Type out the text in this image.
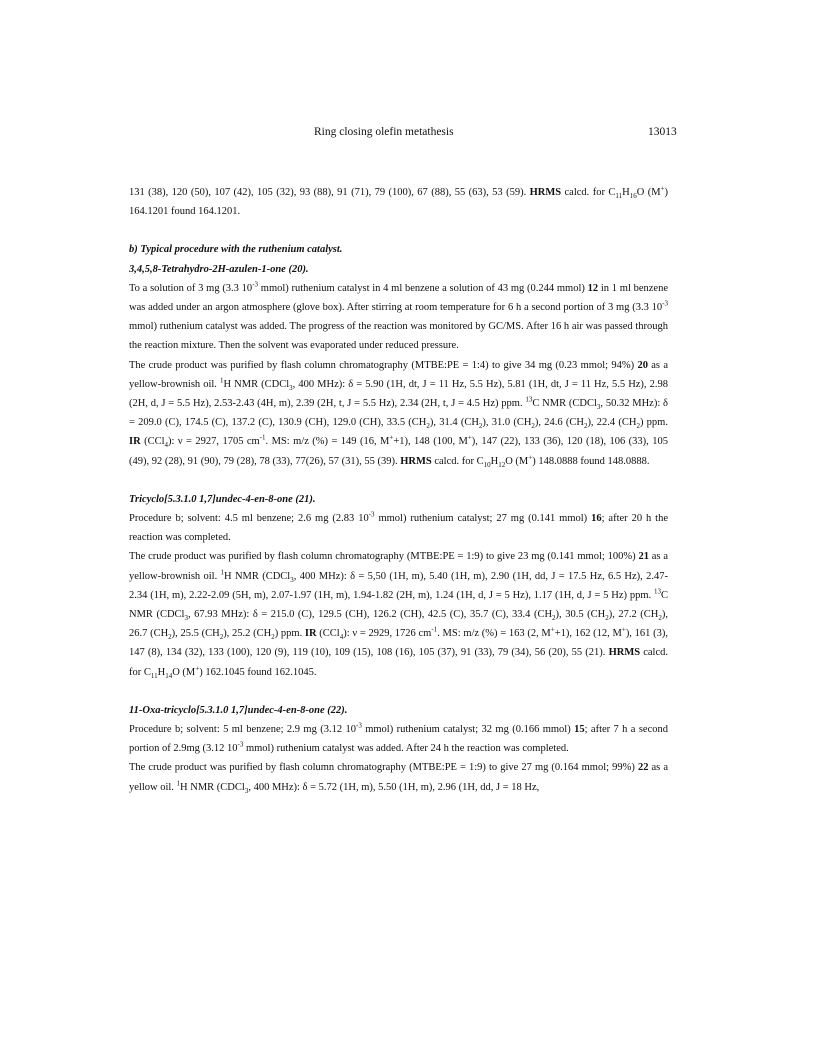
Ring closing olefin metathesis	13013

131 (38), 120 (50), 107 (42), 105 (32), 93 (88), 91 (71), 79 (100), 67 (88), 55 (63), 53 (59). HRMS calcd. for $C_{11}H_{16}O$ (M+) 164.1201 found 164.1201.

b) Typical procedure with the ruthenium catalyst.

3,4,5,8-Tetrahydro-2H-azulen-1-one (20).

To a solution of 3 mg (3.3 $10^{-3}$ mmol) ruthenium catalyst in 4 ml benzene a solution of 43 mg (0.244 mmol) 12 in 1 ml benzene was added under an argon atmosphere (glove box). After stirring at room temperature for 6 h a second portion of 3 mg (3.3 $10^{-3}$ mmol) ruthenium catalyst was added. The progress of the reaction was monitored by GC/MS. After 16 h air was passed through the reaction mixture. Then the solvent was evaporated under reduced pressure.

The crude product was purified by flash column chromatography (MTBE:PE = 1:4) to give 34 mg (0.23 mmol; 94%) 20 as a yellow-brownish oil. $^1$H NMR (CDCl$_3$, 400 MHz): δ = 5.90 (1H, dt, J = 11 Hz, 5.5 Hz), 5.81 (1H, dt, J = 11 Hz, 5.5 Hz), 2.98 (2H, d, J = 5.5 Hz), 2.53-2.43 (4H, m), 2.39 (2H, t, J = 5.5 Hz), 2.34 (2H, t, J = 4.5 Hz) ppm. $^{13}$C NMR (CDCl$_3$, 50.32 MHz): δ = 209.0 (C), 174.5 (C), 137.2 (C), 130.9 (CH), 129.0 (CH), 33.5 $(CH_2)$, 31.4 $(CH_2)$, 31.0 $(CH_2)$, 24.6 $(CH_2)$, 22.4 $(CH_2)$ ppm. IR (CCl$_4$): ν = 2927, 1705 $cm^{-1}$. MS: m/z (%) = 149 (16, M++1), 148 (100, M+), 147 (22), 133 (36), 120 (18), 106 (33), 105 (49), 92 (28), 91 (90), 79 (28), 78 (33), 77(26), 57 (31), 55 (39). HRMS calcd. for $C_{10}H_{12}O$ (M+) 148.0888 found 148.0888.

Tricyclo[5.3.1.0 1,7]undec-4-en-8-one (21).

Procedure b; solvent: 4.5 ml benzene; 2.6 mg (2.83 $10^{-3}$ mmol) ruthenium catalyst; 27 mg (0.141 mmol) 16; after 20 h the reaction was completed.

The crude product was purified by flash column chromatography (MTBE:PE = 1:9) to give 23 mg (0.141 mmol; 100%) 21 as a yellow-brownish oil. $^1$H NMR (CDCl$_3$, 400 MHz): δ = 5,50 (1H, m), 5.40 (1H, m), 2.90 (1H, dd, J = 17.5 Hz, 6.5 Hz), 2.47-2.34 (1H, m), 2.22-2.09 (5H, m), 2.07-1.97 (1H, m), 1.94-1.82 (2H, m), 1.24 (1H, d, J = 5 Hz), 1.17 (1H, d, J = 5 Hz) ppm. $^{13}$C NMR (CDCl$_3$, 67.93 MHz): δ = 215.0 (C), 129.5 (CH), 126.2 (CH), 42.5 (C), 35.7 (C), 33.4 $(CH_2)$, 30.5 $(CH_2)$, 27.2 $(CH_2)$, 26.7 $(CH_2)$, 25.5 $(CH_2)$, 25.2 $(CH_2)$ ppm. IR (CCl$_4$): ν = 2929, 1726 $cm^{-1}$. MS: m/z (%) = 163 (2, M++1), 162 (12, M+), 161 (3), 147 (8), 134 (32), 133 (100), 120 (9), 119 (10), 109 (15), 108 (16), 105 (37), 91 (33), 79 (34), 56 (20), 55 (21). HRMS calcd. for $C_{11}H_{14}O$ (M+) 162.1045 found 162.1045.

11-Oxa-tricyclo[5.3.1.0 1,7]undec-4-en-8-one (22).

Procedure b; solvent: 5 ml benzene; 2.9 mg (3.12 $10^{-3}$ mmol) ruthenium catalyst; 32 mg (0.166 mmol) 15; after 7 h a second portion of 2.9mg (3.12 $10^{-3}$ mmol) ruthenium catalyst was added. After 24 h the reaction was completed.

The crude product was purified by flash column chromatography (MTBE:PE = 1:9) to give 27 mg (0.164 mmol; 99%) 22 as a yellow oil. $^1$H NMR (CDCl$_3$, 400 MHz): δ = 5.72 (1H, m), 5.50 (1H, m), 2.96 (1H, dd, J = 18 Hz,
